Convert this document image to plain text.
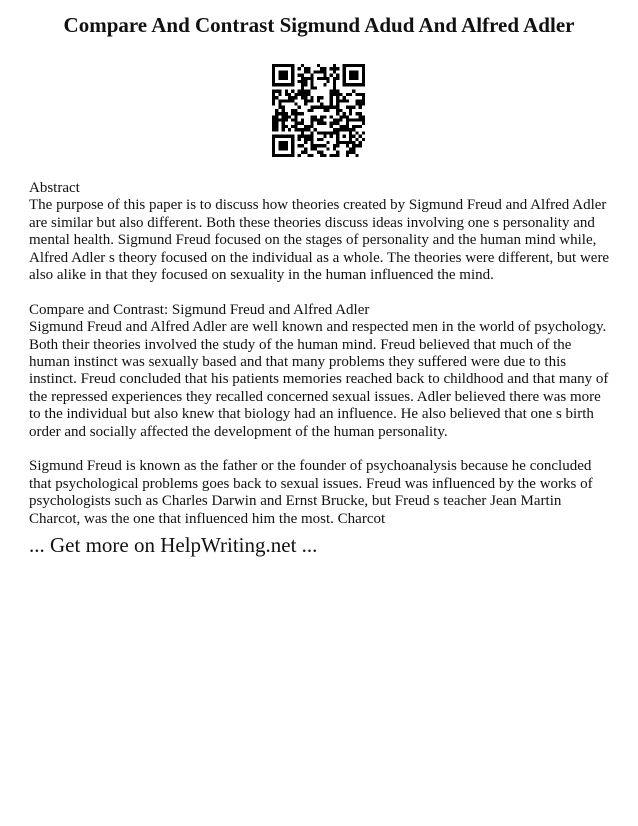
Compare And Contrast Sigmund Adud And Alfred Adler

Abstract
The purpose of this paper is to discuss how theories created by Sigmund Freud and Alfred Adler are similar but also different. Both these theories discuss ideas involving one s personality and mental health. Sigmund Freud focused on the stages of personality and the human mind while, Alfred Adler s theory focused on the individual as a whole. The theories were different, but were also alike in that they focused on sexuality in the human influenced the mind.

Compare and Contrast: Sigmund Freud and Alfred Adler
Sigmund Freud and Alfred Adler are well known and respected men in the world of psychology. Both their theories involved the study of the human mind. Freud believed that much of the human instinct was sexually based and that many problems they suffered were due to this instinct. Freud concluded that his patients memories reached back to childhood and that many of the repressed experiences they recalled concerned sexual issues. Adler believed there was more to the individual but also knew that biology had an influence. He also believed that one s birth order and socially affected the development of the human personality.

Sigmund Freud is known as the father or the founder of psychoanalysis because he concluded that psychological problems goes back to sexual issues. Freud was influenced by the works of psychologists such as Charles Darwin and Ernst Brucke, but Freud s teacher Jean Martin Charcot, was the one that influenced him the most. Charcot

... Get more on HelpWriting.net ...
